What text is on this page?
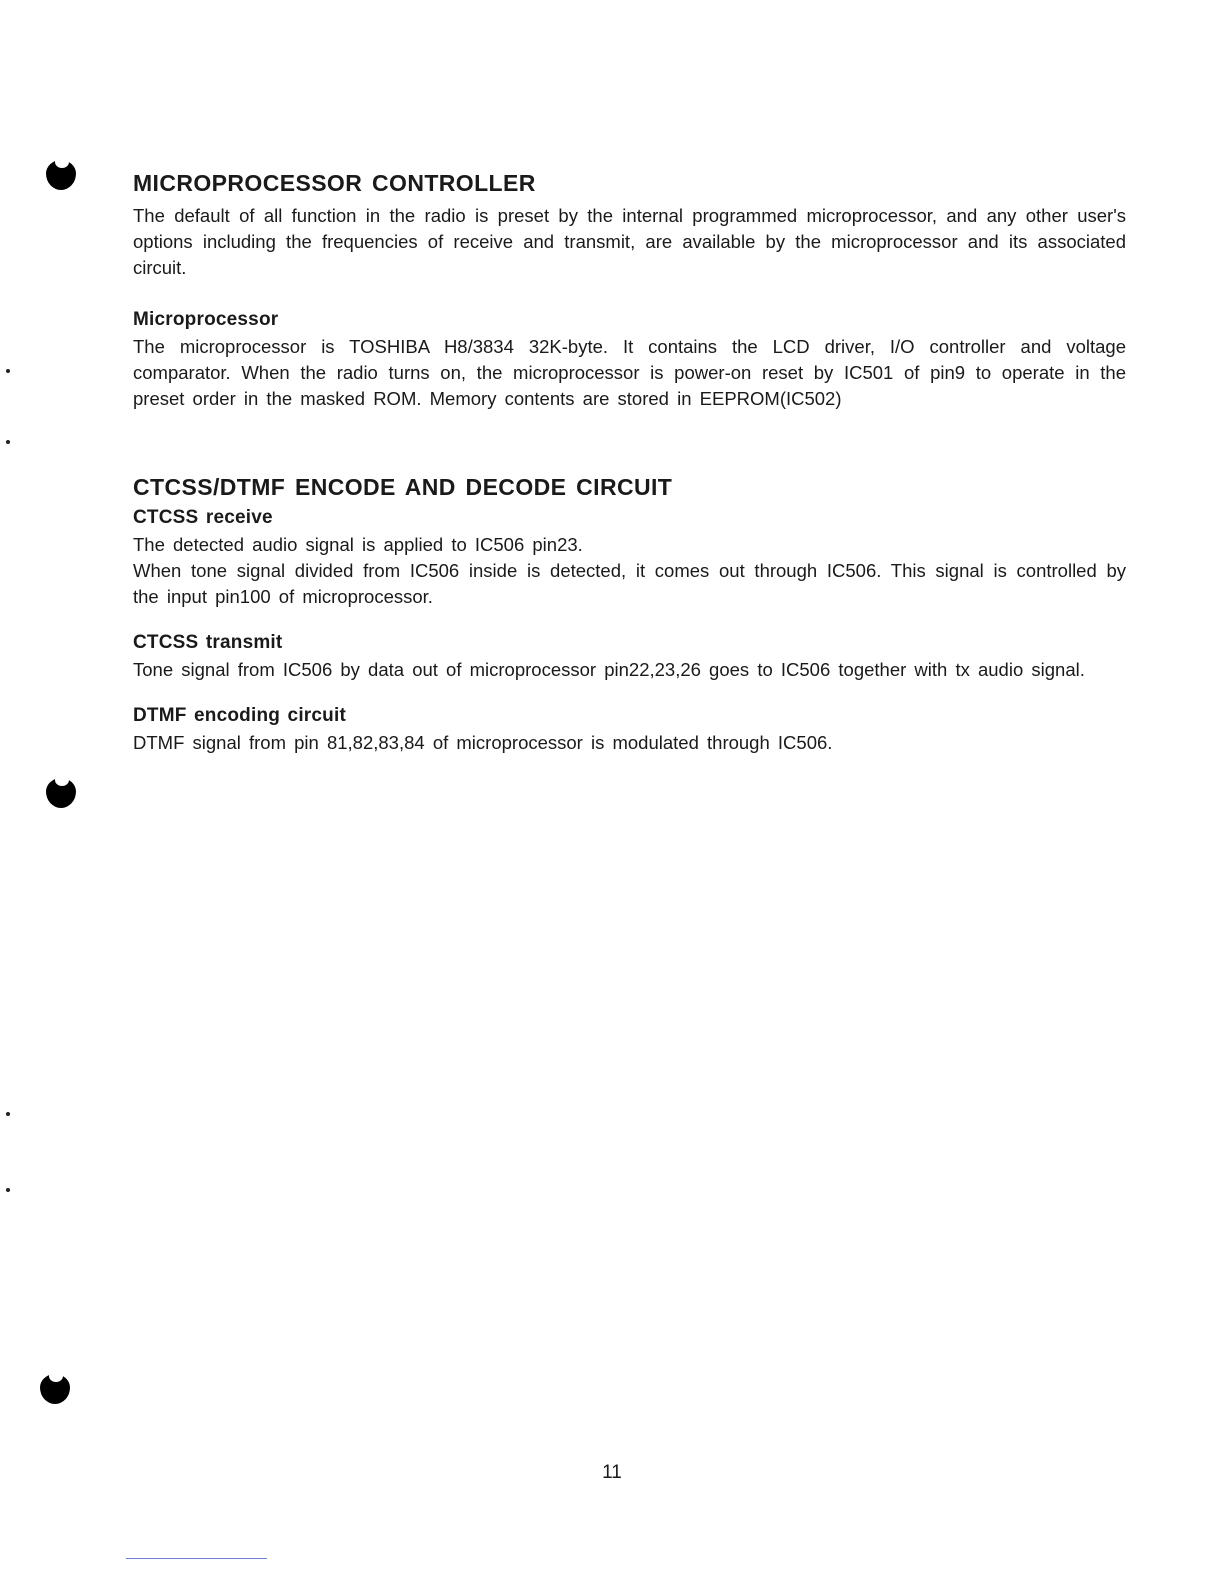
MICROPROCESSOR CONTROLLER

The default of all function in the radio is preset by the internal programmed microprocessor, and any other user's options including the frequencies of receive and transmit, are available by the microprocessor and its associated circuit.

Microprocessor

The microprocessor is TOSHIBA H8/3834 32K-byte. It contains the LCD driver, I/O controller and voltage comparator. When the radio turns on, the microprocessor is power-on reset by IC501 of pin9 to operate in the preset order in the masked ROM. Memory contents are stored in EEPROM(IC502)

CTCSS/DTMF ENCODE AND DECODE CIRCUIT
CTCSS receive

The detected audio signal is applied to IC506 pin23.

When tone signal divided from IC506 inside is detected, it comes out through IC506. This signal is controlled by the input pin100 of microprocessor.

CTCSS transmit

Tone signal from IC506 by data out of microprocessor pin22,23,26 goes to IC506 together with tx audio signal.

DTMF encoding circuit

DTMF signal from pin 81,82,83,84 of microprocessor is modulated through IC506.

11
